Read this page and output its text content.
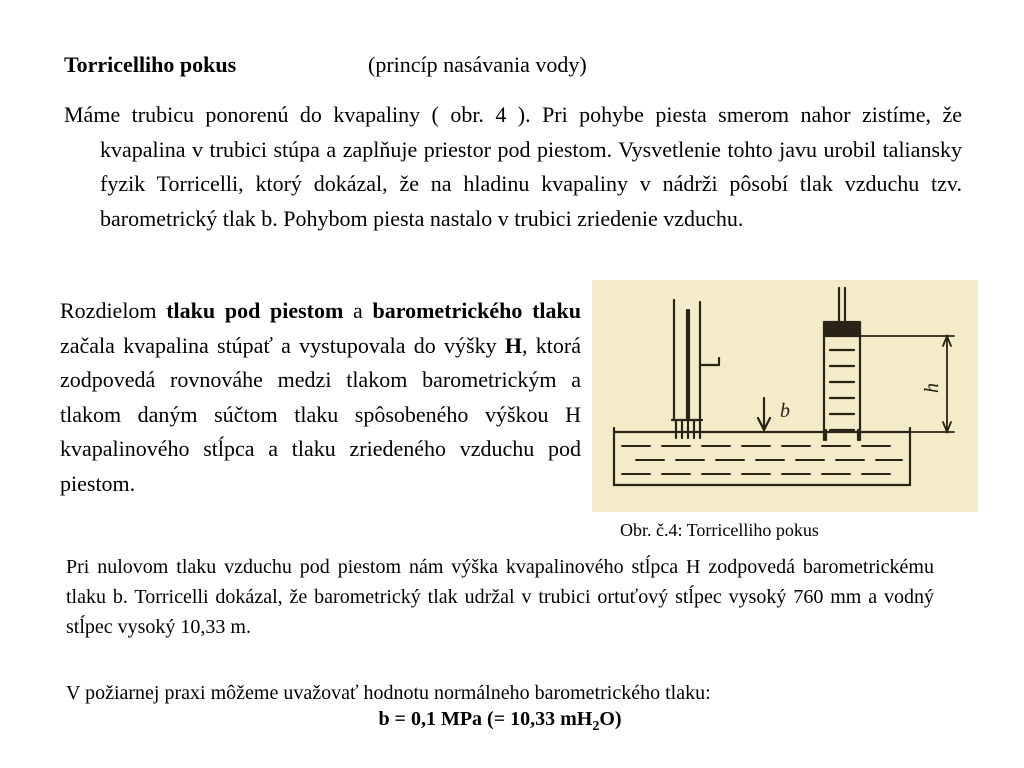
Torricelliho pokus	(princíp nasávania vody)
Máme trubicu ponorenú do kvapaliny ( obr. 4 ). Pri pohybe piesta smerom nahor zistíme, že kvapalina v trubici stúpa a zaplňuje priestor pod piestom. Vysvetlenie tohto javu urobil taliansky fyzik Torricelli, ktorý dokázal, že na hladinu kvapaliny v nádrži pôsobí tlak vzduchu tzv. barometrický tlak b. Pohybom piesta nastalo v trubici zriedenie vzduchu.
Rozdielom tlaku pod piestom a barometrického tlaku začala kvapalina stúpať a vystupovala do výšky H, ktorá zodpovedá rovnováhe medzi tlakom barometrickým a tlakom daným súčtom tlaku spôsobeného výškou H kvapalinového stĺpca a tlaku zriedeného vzduchu pod piestom.
b
h
Obr. č.4: Torricelliho pokus
Pri nulovom tlaku vzduchu pod piestom nám výška kvapalinového stĺpca H zodpovedá barometrickému tlaku b. Torricelli dokázal, že barometrický tlak udržal v trubici ortuťový stĺpec vysoký 760 mm a vodný stĺpec vysoký 10,33 m.
V požiarnej praxi môžeme uvažovať hodnotu normálneho barometrického tlaku:
b = 0,1 MPa (= 10,33 $mH_2O$)
